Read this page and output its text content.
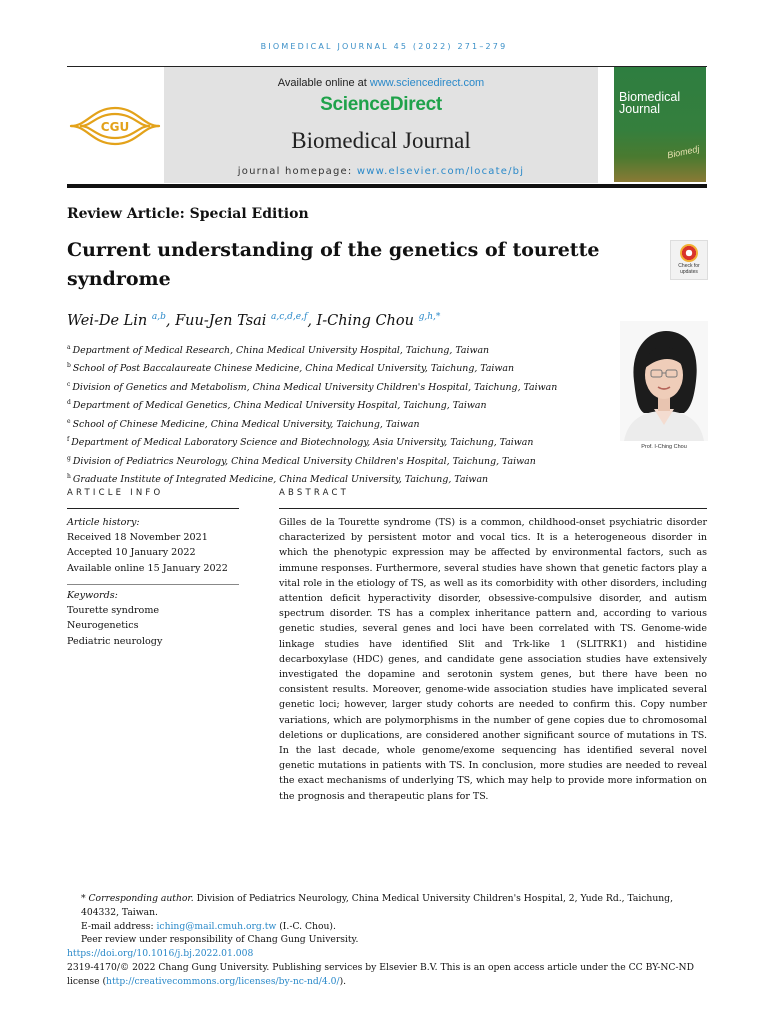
BIOMEDICAL JOURNAL 45 (2022) 271–279
CGU
Available online at www.sciencedirect.com
ScienceDirect
Biomedical Journal
journal homepage: www.elsevier.com/locate/bj
Biomedical
Journal
Biomedj
Review Article: Special Edition
Current understanding of the genetics of tourette syndrome
Check for
updates
Wei-De Lin $^{a,b}$, Fuu-Jen Tsai $^{a,c,d,e,f}$, I-Ching Chou $^{g,h,*}$
$^a$ Department of Medical Research, China Medical University Hospital, Taichung, Taiwan
$^b$ School of Post Baccalaureate Chinese Medicine, China Medical University, Taichung, Taiwan
$^c$ Division of Genetics and Metabolism, China Medical University Children's Hospital, Taichung, Taiwan
$^d$ Department of Medical Genetics, China Medical University Hospital, Taichung, Taiwan
$^e$ School of Chinese Medicine, China Medical University, Taichung, Taiwan
$^f$ Department of Medical Laboratory Science and Biotechnology, Asia University, Taichung, Taiwan
$^g$ Division of Pediatrics Neurology, China Medical University Children's Hospital, Taichung, Taiwan
$^h$ Graduate Institute of Integrated Medicine, China Medical University, Taichung, Taiwan
Prof. I-Ching Chou
ARTICLE INFO
Article history:
Received 18 November 2021
Accepted 10 January 2022
Available online 15 January 2022
Keywords:
Tourette syndrome
Neurogenetics
Pediatric neurology
ABSTRACT
Gilles de la Tourette syndrome (TS) is a common, childhood-onset psychiatric disorder characterized by persistent motor and vocal tics. It is a heterogeneous disorder in which the phenotypic expression may be affected by environmental factors, such as immune responses. Furthermore, several studies have shown that genetic factors play a vital role in the etiology of TS, as well as its comorbidity with other disorders, including attention deficit hyperactivity disorder, obsessive-compulsive disorder, and autism spectrum disorder. TS has a complex inheritance pattern and, according to various genetic studies, several genes and loci have been correlated with TS. Genome-wide linkage studies have identified Slit and Trk-like 1 (SLITRK1) and histidine decarboxylase (HDC) genes, and candidate gene association studies have extensively investigated the dopamine and serotonin system genes, but there have been no consistent results. Moreover, genome-wide association studies have implicated several genetic loci; however, larger study cohorts are needed to confirm this. Copy number variations, which are polymorphisms in the number of gene copies due to chromosomal deletions or duplications, are considered another significant source of mutations in TS. In the last decade, whole genome/exome sequencing has identified several novel genetic mutations in patients with TS. In conclusion, more studies are needed to reveal the exact mechanisms of underlying TS, which may help to provide more information on the prognosis and therapeutic plans for TS.
* Corresponding author. Division of Pediatrics Neurology, China Medical University Children's Hospital, 2, Yude Rd., Taichung, 404332, Taiwan.
E-mail address: iching@mail.cmuh.org.tw (I.-C. Chou).
Peer review under responsibility of Chang Gung University.
https://doi.org/10.1016/j.bj.2022.01.008
2319-4170/© 2022 Chang Gung University. Publishing services by Elsevier B.V. This is an open access article under the CC BY-NC-ND license (http://creativecommons.org/licenses/by-nc-nd/4.0/).
